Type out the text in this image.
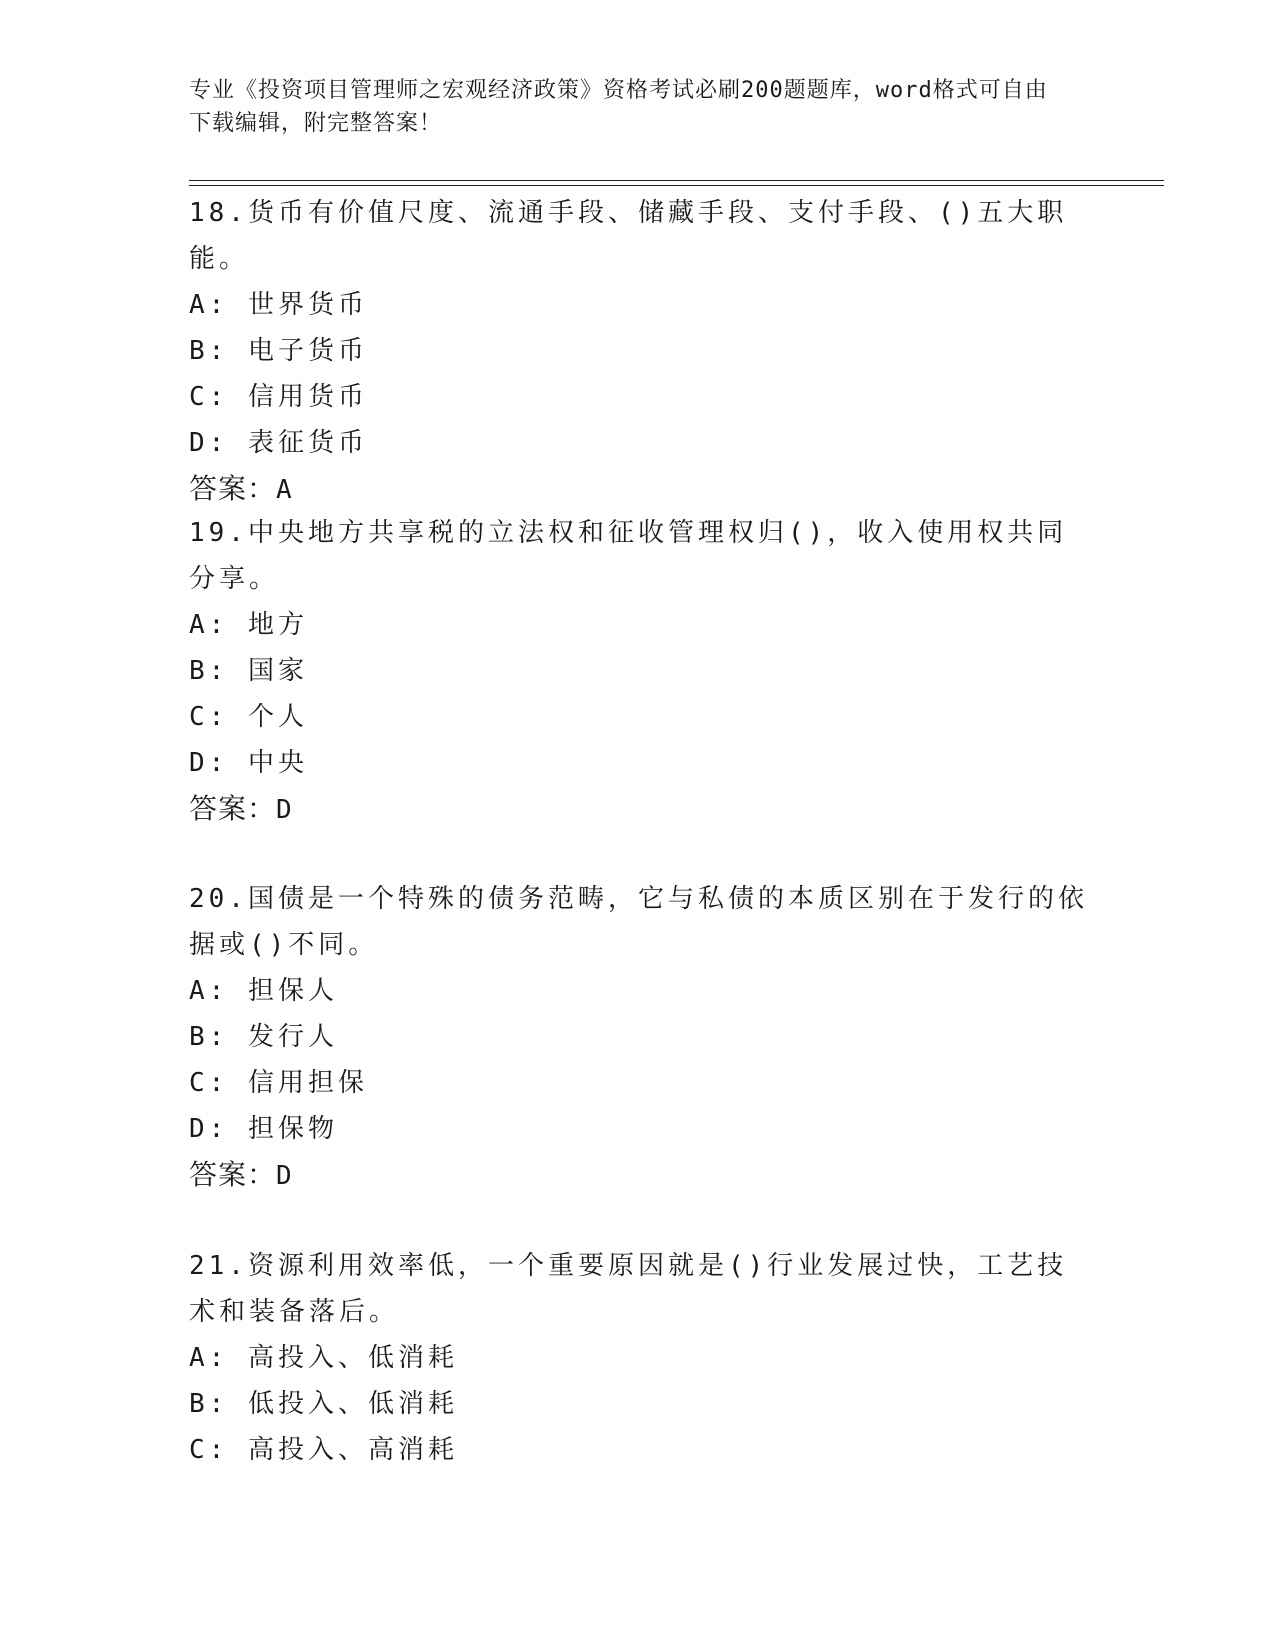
专业《投资项目管理师之宏观经济政策》资格考试必刷200题题库，word格式可自由下载编辑，附完整答案！
18.货币有价值尺度、流通手段、储藏手段、支付手段、()五大职能。
A: 世界货币
B: 电子货币
C: 信用货币
D: 表征货币
答案：A
19.中央地方共享税的立法权和征收管理权归()，收入使用权共同分享。
A: 地方
B: 国家
C: 个人
D: 中央
答案：D
20.国债是一个特殊的债务范畴，它与私债的本质区别在于发行的依据或()不同。
A: 担保人
B: 发行人
C: 信用担保
D: 担保物
答案：D
21.资源利用效率低，一个重要原因就是()行业发展过快，工艺技术和装备落后。
A: 高投入、低消耗
B: 低投入、低消耗
C: 高投入、高消耗
